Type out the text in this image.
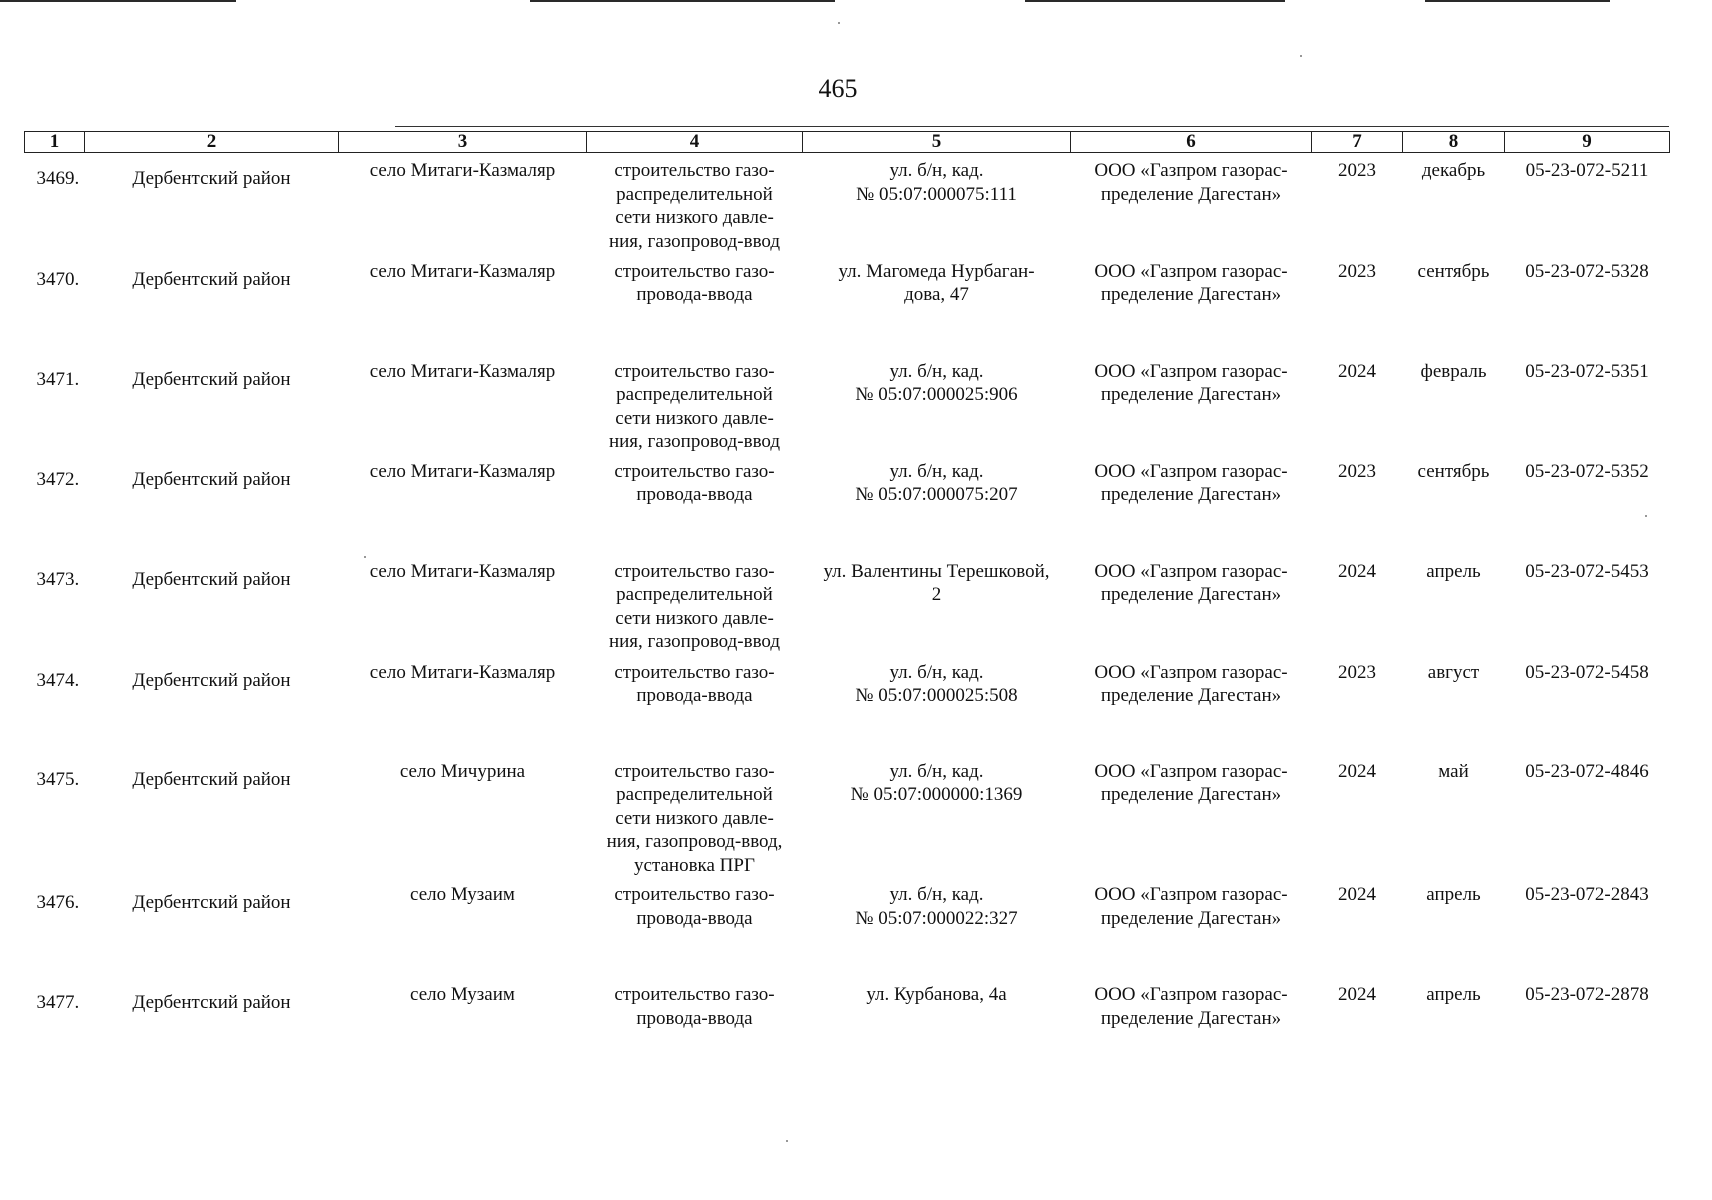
465
1	2	3	4	5	6	7	8	9
3469.	Дербентский район	село Митаги-Казмаляр	строительство газо-
распределительной
сети низкого давле-
ния, газопровод-ввод	ул. б/н, кад.
№ 05:07:000075:111	ООО «Газпром газорас-
пределение Дагестан»	2023	декабрь	05-23-072-5211
3470.	Дербентский район	село Митаги-Казмаляр	строительство газо-
провода-ввода	ул. Магомеда Нурбаган-
дова, 47	ООО «Газпром газорас-
пределение Дагестан»	2023	сентябрь	05-23-072-5328
3471.	Дербентский район	село Митаги-Казмаляр	строительство газо-
распределительной
сети низкого давле-
ния, газопровод-ввод	ул. б/н, кад.
№ 05:07:000025:906	ООО «Газпром газорас-
пределение Дагестан»	2024	февраль	05-23-072-5351
3472.	Дербентский район	село Митаги-Казмаляр	строительство газо-
провода-ввода	ул. б/н, кад.
№ 05:07:000075:207	ООО «Газпром газорас-
пределение Дагестан»	2023	сентябрь	05-23-072-5352
3473.	Дербентский район	село Митаги-Казмаляр	строительство газо-
распределительной
сети низкого давле-
ния, газопровод-ввод	ул. Валентины Терешковой,
2	ООО «Газпром газорас-
пределение Дагестан»	2024	апрель	05-23-072-5453
3474.	Дербентский район	село Митаги-Казмаляр	строительство газо-
провода-ввода	ул. б/н, кад.
№ 05:07:000025:508	ООО «Газпром газорас-
пределение Дагестан»	2023	август	05-23-072-5458
3475.	Дербентский район	село Мичурина	строительство газо-
распределительной
сети низкого давле-
ния, газопровод-ввод,
установка ПРГ	ул. б/н, кад.
№ 05:07:000000:1369	ООО «Газпром газорас-
пределение Дагестан»	2024	май	05-23-072-4846
3476.	Дербентский район	село Музаим	строительство газо-
провода-ввода	ул. б/н, кад.
№ 05:07:000022:327	ООО «Газпром газорас-
пределение Дагестан»	2024	апрель	05-23-072-2843
3477.	Дербентский район	село Музаим	строительство газо-
провода-ввода	ул. Курбанова, 4а	ООО «Газпром газорас-
пределение Дагестан»	2024	апрель	05-23-072-2878
